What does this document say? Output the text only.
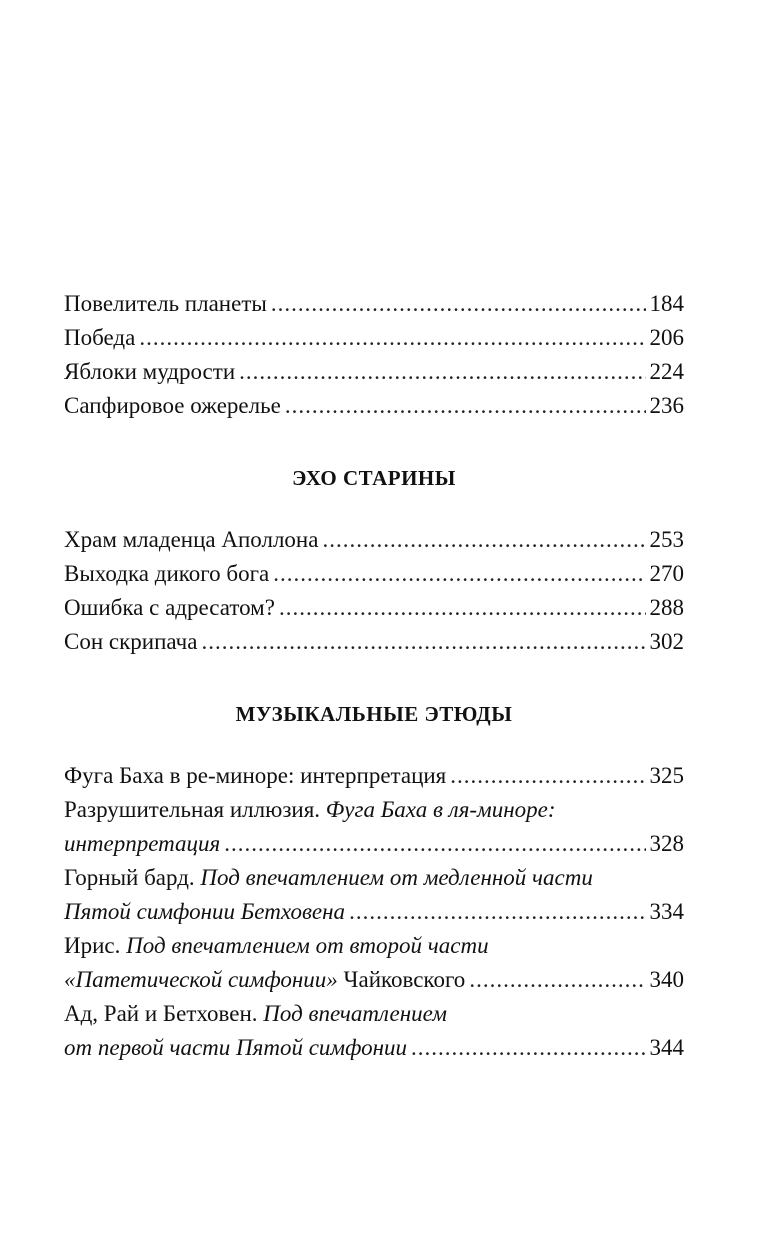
Повелитель планеты .....	184
Победа .....	206
Яблоки мудрости .....	224
Сапфировое ожерелье .....	236
ЭХО СТАРИНЫ
Храм младенца Аполлона .....	253
Выходка дикого бога .....	270
Ошибка с адресатом? .....	288
Сон скрипача .....	302
МУЗЫКАЛЬНЫЕ ЭТЮДЫ
Фуга Баха в ре-миноре: интерпретация .....	325
Разрушительная иллюзия. Фуга Баха в ля-миноре:
интерпретация .....	328
Горный бард. Под впечатлением от медленной части
Пятой симфонии Бетховена .....	334
Ирис. Под впечатлением от второй части
«Патетической симфонии» Чайковского .....	340
Ад, Рай и Бетховен. Под впечатлением
от первой части Пятой симфонии .....	344
